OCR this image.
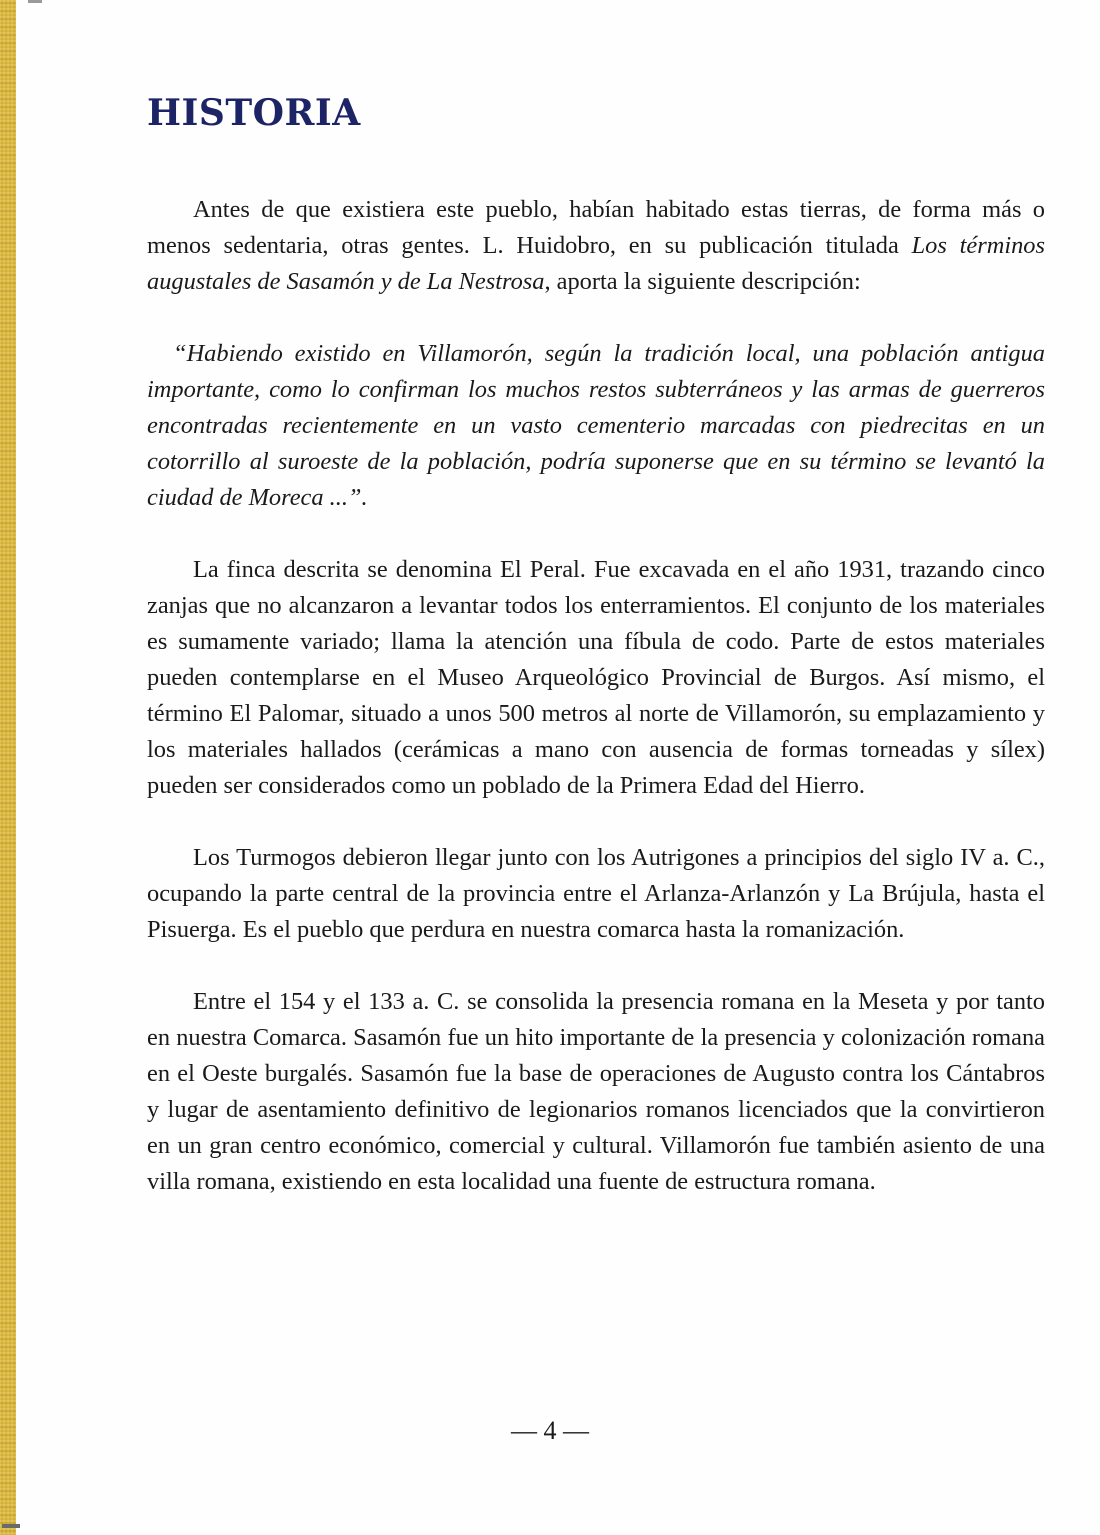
HISTORIA

Antes de que existiera este pueblo, habían habitado estas tierras, de forma más o menos sedentaria, otras gentes. L. Huidobro, en su publicación titulada Los términos augustales de Sasamón y de La Nestrosa, aporta la siguiente descripción:

“Habiendo existido en Villamorón, según la tradición local, una población antigua importante, como lo confirman los muchos restos subterráneos y las armas de guerreros encontradas recientemente en un vasto cementerio marcadas con piedrecitas en un cotorrillo al suroeste de la población, podría suponerse que en su término se levantó la ciudad de Moreca ...”.

La finca descrita se denomina El Peral. Fue excavada en el año 1931, trazando cinco zanjas que no alcanzaron a levantar todos los enterramientos. El conjunto de los materiales es sumamente variado; llama la atención una fíbula de codo. Parte de estos materiales pueden contemplarse en el Museo Arqueológico Provincial de Burgos. Así mismo, el término El Palomar, situado a unos 500 metros al norte de Villamorón, su emplazamiento y los materiales hallados (cerámicas a mano con ausencia de formas torneadas y sílex) pueden ser considerados como un poblado de la Primera Edad del Hierro.

Los Turmogos debieron llegar junto con los Autrigones a principios del siglo IV a. C., ocupando la parte central de la provincia entre el Arlanza-Arlanzón y La Brújula, hasta el Pisuerga. Es el pueblo que perdura en nuestra comarca hasta la romanización.

Entre el 154 y el 133 a. C. se consolida la presencia romana en la Meseta y por tanto en nuestra Comarca. Sasamón fue un hito importante de la presencia y colonización romana en el Oeste burgalés. Sasamón fue la base de operaciones de Augusto contra los Cántabros y lugar de asentamiento definitivo de legionarios romanos licenciados que la convirtieron en un gran centro económico, comercial y cultural. Villamorón fue también asiento de una villa romana, existiendo en esta localidad una fuente de estructura romana.

— 4 —
